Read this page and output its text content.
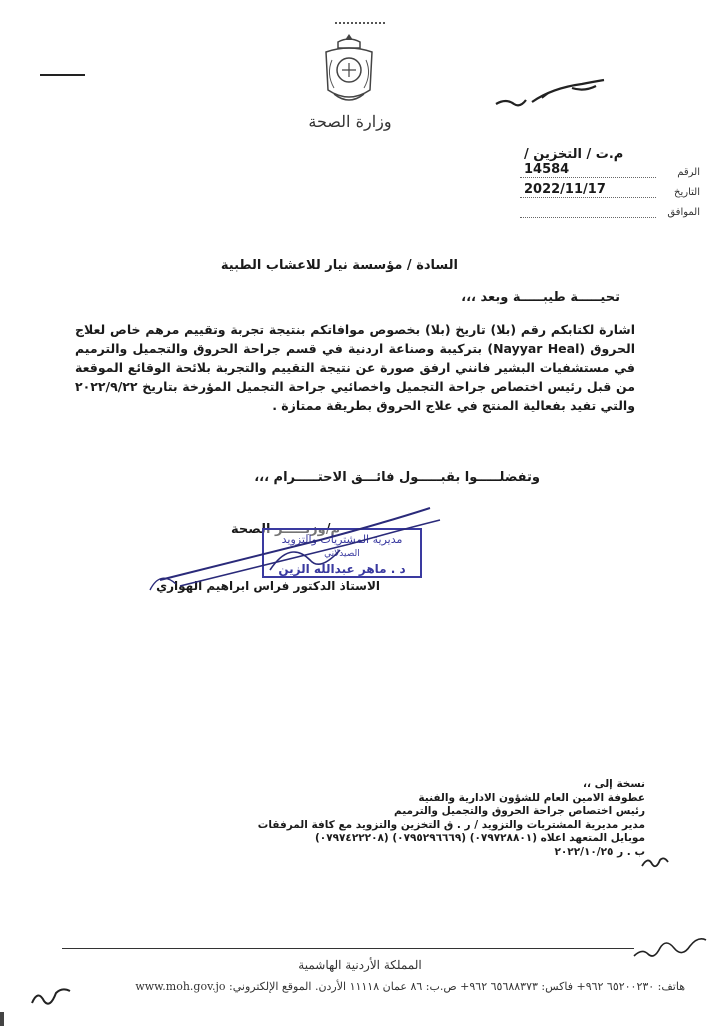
وزارة الصحة
الرقم
م.ت / التخزين / 14584
التاريخ
2022/11/17
الموافق
السادة / مؤسسة نيار للاعشاب الطبية
تحيـــــة طيبـــــة وبعد ،،،
اشارة لكتابكم رقم (بلا) تاريخ (بلا) بخصوص موافاتكم بنتيجة تجربة وتقييم مرهم خاص لعلاج الحروق (Nayyar Heal) بتركيبة وصناعة اردنية في قسم جراحة الحروق والتجميل والترميم في مستشفيات البشير فانني ارفق صورة عن نتيجة التقييم والتجربة بلائحة الوقائع الموقعة من قبل رئيس اختصاص جراحة التجميل واخصائيي جراحة التجميل المؤرخة بتاريخ ٢٠٢٢/٩/٢٢ والتي تفيد بفعالية المنتج في علاج الحروق بطريقة ممتازة .
وتفضلـــــوا بقبـــــول فائـــق الاحتـــــرام ،،،
م/وزيـــــر الصحة
مديرية المشتريات والتزويد
الصيدلاني
د . ماهر عبدالله الزين
الاستاذ الدكتور فراس ابراهيم الهواري
نسخة إلى ،،
عطوفة الامين العام للشؤون الادارية والفنية
رئيس اختصاص جراحة الحروق والتجميل والترميم
مدير مديرية المشتريات والتزويد / ر . ق التخزين والتزويد مع كافة المرفقات
موبايل المتعهد اعلاه (٠٧٩٧٢٨٨٠١) (٠٧٩٥٢٩٦٦٦٩) (٠٧٩٧٤٢٢٢٠٨)
ب . ر ٢٠٢٢/١٠/٢٥
المملكة الأردنية الهاشمية
هاتف: ٦٥٢٠٠٢٣٠ ٩٦٢+ فاكس: ٦٥٦٨٨٣٧٣ ٩٦٢+ ص.ب: ٨٦ عمان ١١١١٨ الأردن. الموقع الإلكتروني: www.moh.gov.jo
